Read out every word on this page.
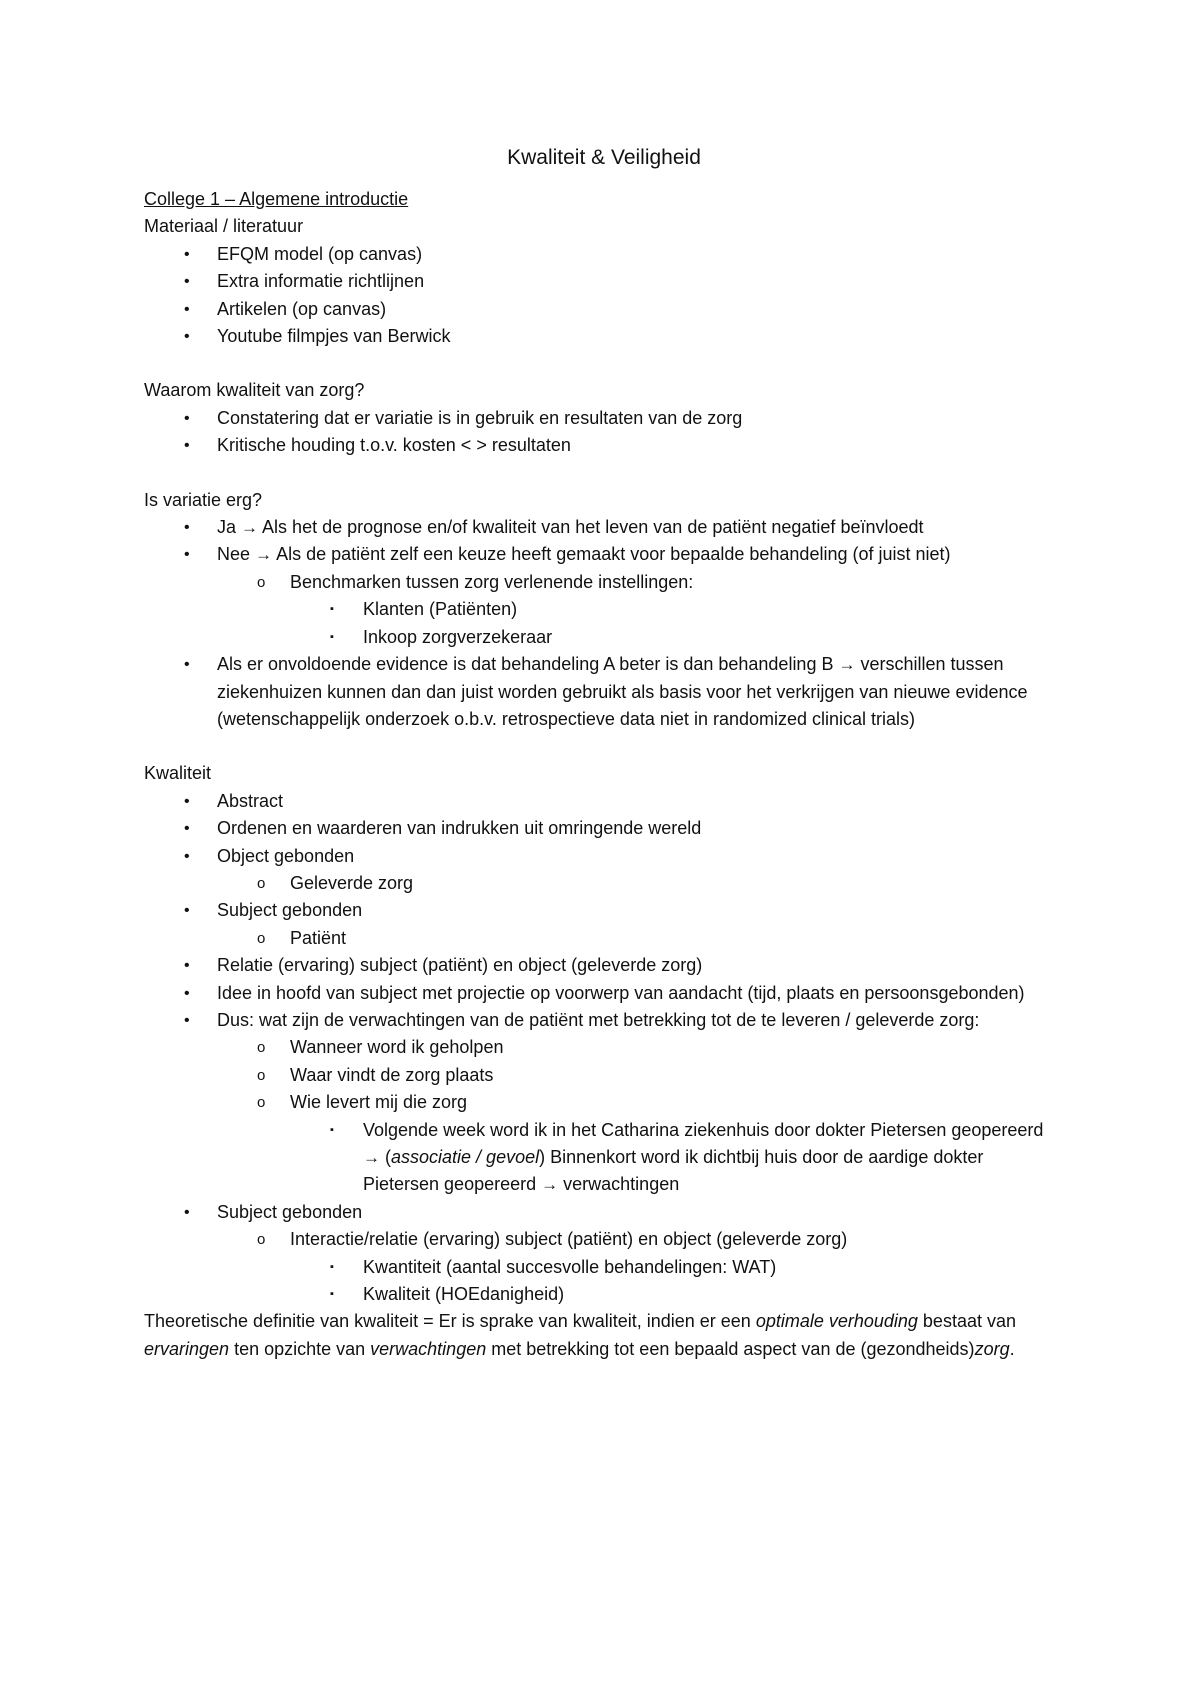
Kwaliteit & Veiligheid

College 1 – Algemene introductie

Materiaal / literatuur

• EFQM model (op canvas)
• Extra informatie richtlijnen
• Artikelen (op canvas)
• Youtube filmpjes van Berwick

Waarom kwaliteit van zorg?

• Constatering dat er variatie is in gebruik en resultaten van de zorg
• Kritische houding t.o.v. kosten < > resultaten

Is variatie erg?

• Ja → Als het de prognose en/of kwaliteit van het leven van de patiënt negatief beïnvloedt
• Nee → Als de patiënt zelf een keuze heeft gemaakt voor bepaalde behandeling (of juist niet)
o Benchmarken tussen zorg verlenende instellingen:
▪ Klanten (Patiënten)
▪ Inkoop zorgverzekeraar
• Als er onvoldoende evidence is dat behandeling A beter is dan behandeling B → verschillen tussen ziekenhuizen kunnen dan dan juist worden gebruikt als basis voor het verkrijgen van nieuwe evidence (wetenschappelijk onderzoek o.b.v. retrospectieve data niet in randomized clinical trials)

Kwaliteit

• Abstract
• Ordenen en waarderen van indrukken uit omringende wereld
• Object gebonden
o Geleverde zorg
• Subject gebonden
o Patiënt
• Relatie (ervaring) subject (patiënt) en object (geleverde zorg)
• Idee in hoofd van subject met projectie op voorwerp van aandacht (tijd, plaats en persoonsgebonden)
• Dus: wat zijn de verwachtingen van de patiënt met betrekking tot de te leveren / geleverde zorg:
o Wanneer word ik geholpen
o Waar vindt de zorg plaats
o Wie levert mij die zorg
▪ Volgende week word ik in het Catharina ziekenhuis door dokter Pietersen geopereerd → (associatie / gevoel) Binnenkort word ik dichtbij huis door de aardige dokter Pietersen geopereerd → verwachtingen
• Subject gebonden
o Interactie/relatie (ervaring) subject (patiënt) en object (geleverde zorg)
▪ Kwantiteit (aantal succesvolle behandelingen: WAT)
▪ Kwaliteit (HOEdanigheid)

Theoretische definitie van kwaliteit = Er is sprake van kwaliteit, indien er een optimale verhouding bestaat van ervaringen ten opzichte van verwachtingen met betrekking tot een bepaald aspect van de (gezondheids)zorg.
